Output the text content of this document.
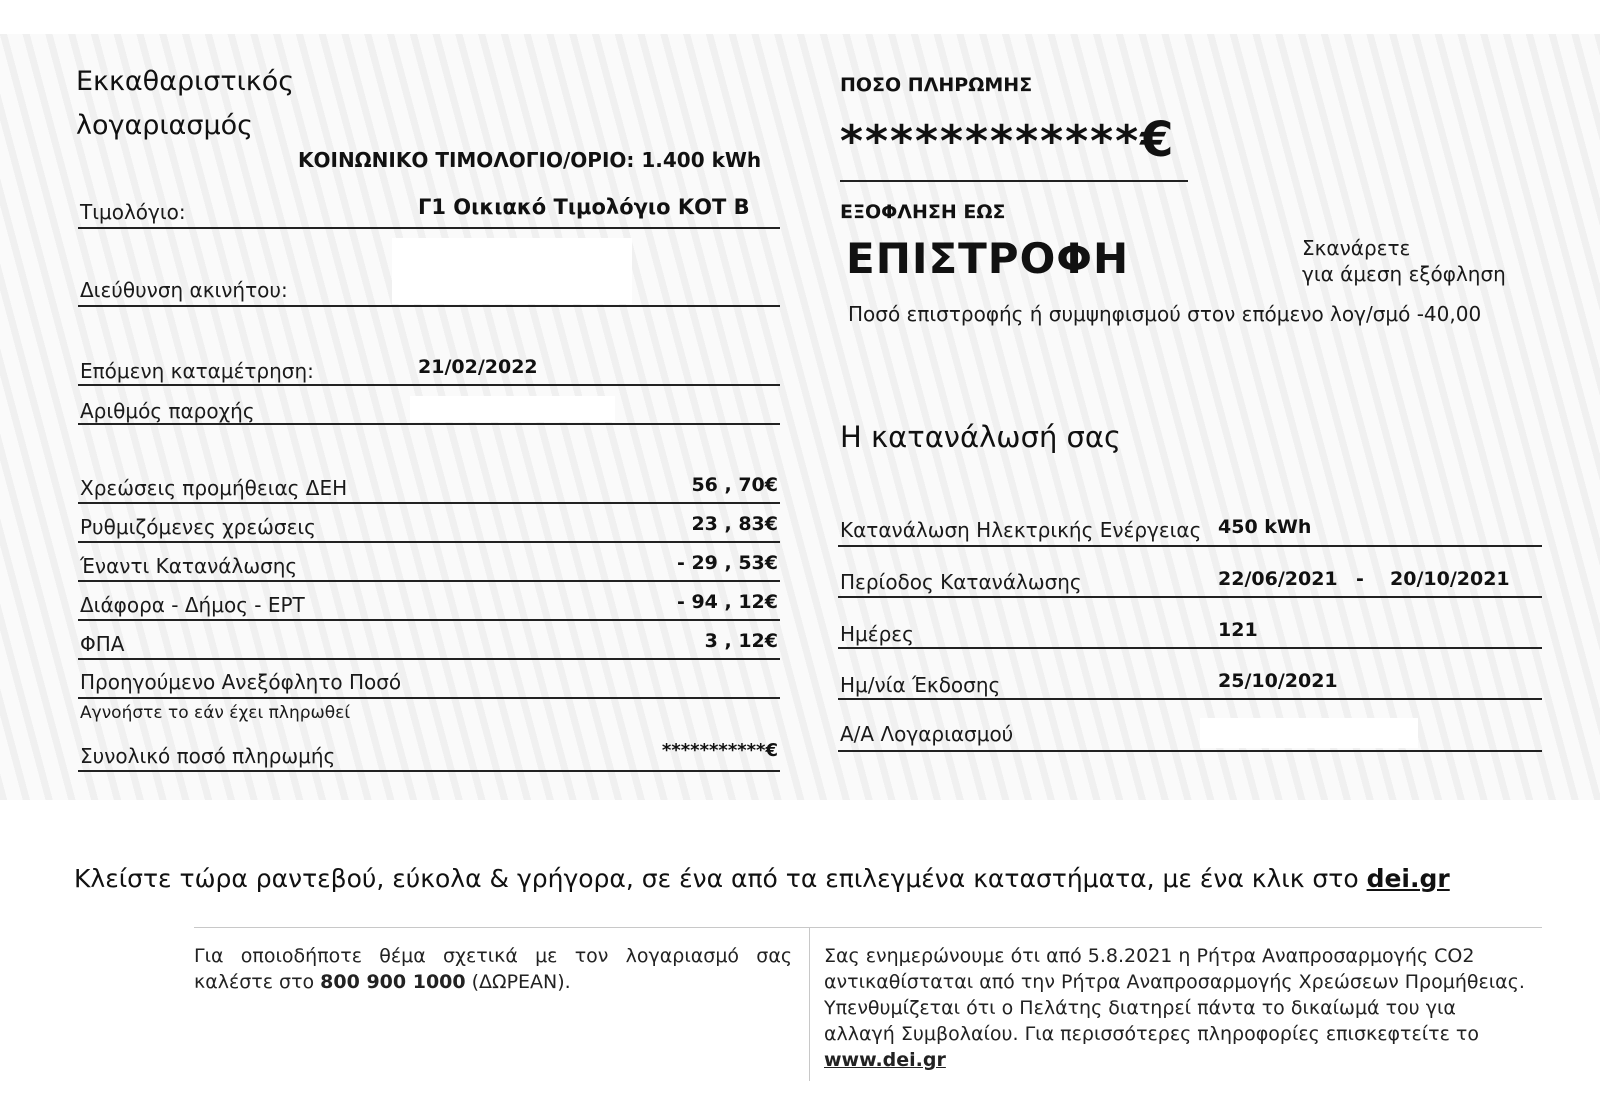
Εκκαθαριστικός
λογαριασμός
ΚΟΙΝΩΝΙΚΟ ΤΙΜΟΛΟΓΙΟ/ΟΡΙΟ: 1.400 kWh
Τιμολόγιο:	Γ1 Οικιακό Τιμολόγιο ΚΟΤ Β
Διεύθυνση ακινήτου:
Επόμενη καταμέτρηση:	21/02/2022
Αριθμός παροχής
Χρεώσεις προμήθειας ΔΕΗ	56 , 70€
Ρυθμιζόμενες χρεώσεις	23 , 83€
Έναντι Κατανάλωσης	- 29 , 53€
Διάφορα - Δήμος - ΕΡΤ	- 94 , 12€
ΦΠΑ	3 , 12€
Προηγούμενο Ανεξόφλητο Ποσό
Αγνοήστε το εάν έχει πληρωθεί
Συνολικό ποσό πληρωμής	***********€
ΠΟΣΟ ΠΛΗΡΩΜΗΣ
************€
ΕΞΟΦΛΗΣΗ ΕΩΣ
ΕΠΙΣΤΡΟΦΗ	Σκανάρετε
για άμεση εξόφληση
Ποσό επιστροφής ή συμψηφισμού στον επόμενο λογ/σμό -40,00
Η κατανάλωσή σας
Κατανάλωση Ηλεκτρικής Ενέργειας 450 kWh
Περίοδος Κατανάλωσης	22/06/2021 - 20/10/2021
Ημέρες	121
Ημ/νία Έκδοσης	25/10/2021
Α/Α Λογαριασμού
Κλείστε τώρα ραντεβού, εύκολα & γρήγορα, σε ένα από τα επιλεγμένα καταστήματα, με ένα κλικ στο dei.gr
Για οποιοδήποτε θέμα σχετικά με τον λογαριασμό σας καλέστε στο 800 900 1000 (ΔΩΡΕΑΝ).
Σας ενημερώνουμε ότι από 5.8.2021 η Ρήτρα Αναπροσαρμογής CO2 αντικαθίσταται από την Ρήτρα Αναπροσαρμογής Χρεώσεων Προμήθειας. Υπενθυμίζεται ότι ο Πελάτης διατηρεί πάντα το δικαίωμά του για αλλαγή Συμβολαίου. Για περισσότερες πληροφορίες επισκεφτείτε το www.dei.gr
